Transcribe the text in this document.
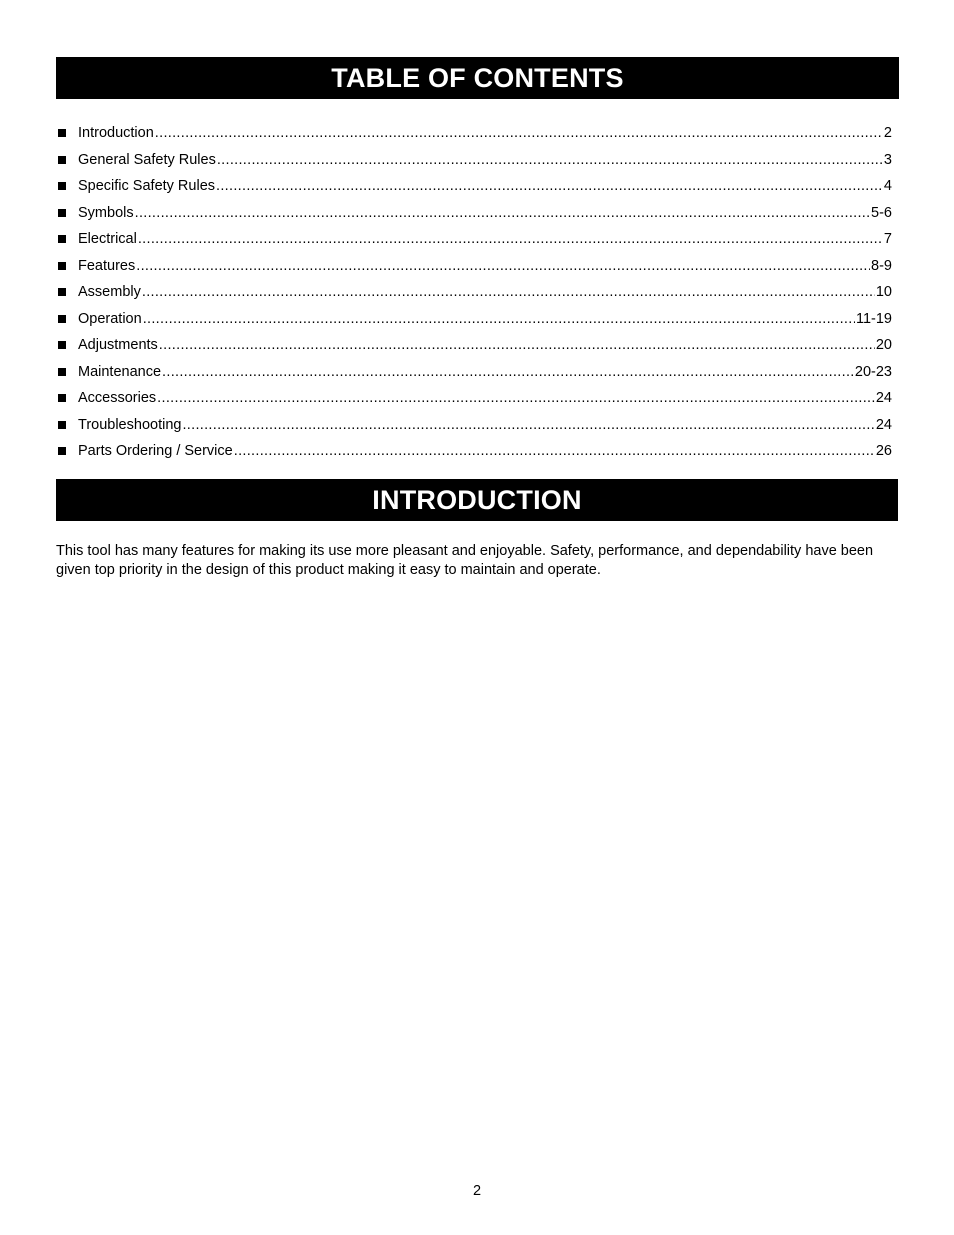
TABLE OF CONTENTS
Introduction .....	2
General Safety Rules .....	3
Specific Safety Rules .....	4
Symbols .....	5-6
Electrical .....	7
Features .....	8-9
Assembly .....	10
Operation .....	11-19
Adjustments .....	20
Maintenance .....	20-23
Accessories .....	24
Troubleshooting .....	24
Parts Ordering / Service .....	26
INTRODUCTION

This tool has many features for making its use more pleasant and enjoyable. Safety, performance, and dependability have been given top priority in the design of this product making it easy to maintain and operate.

2
